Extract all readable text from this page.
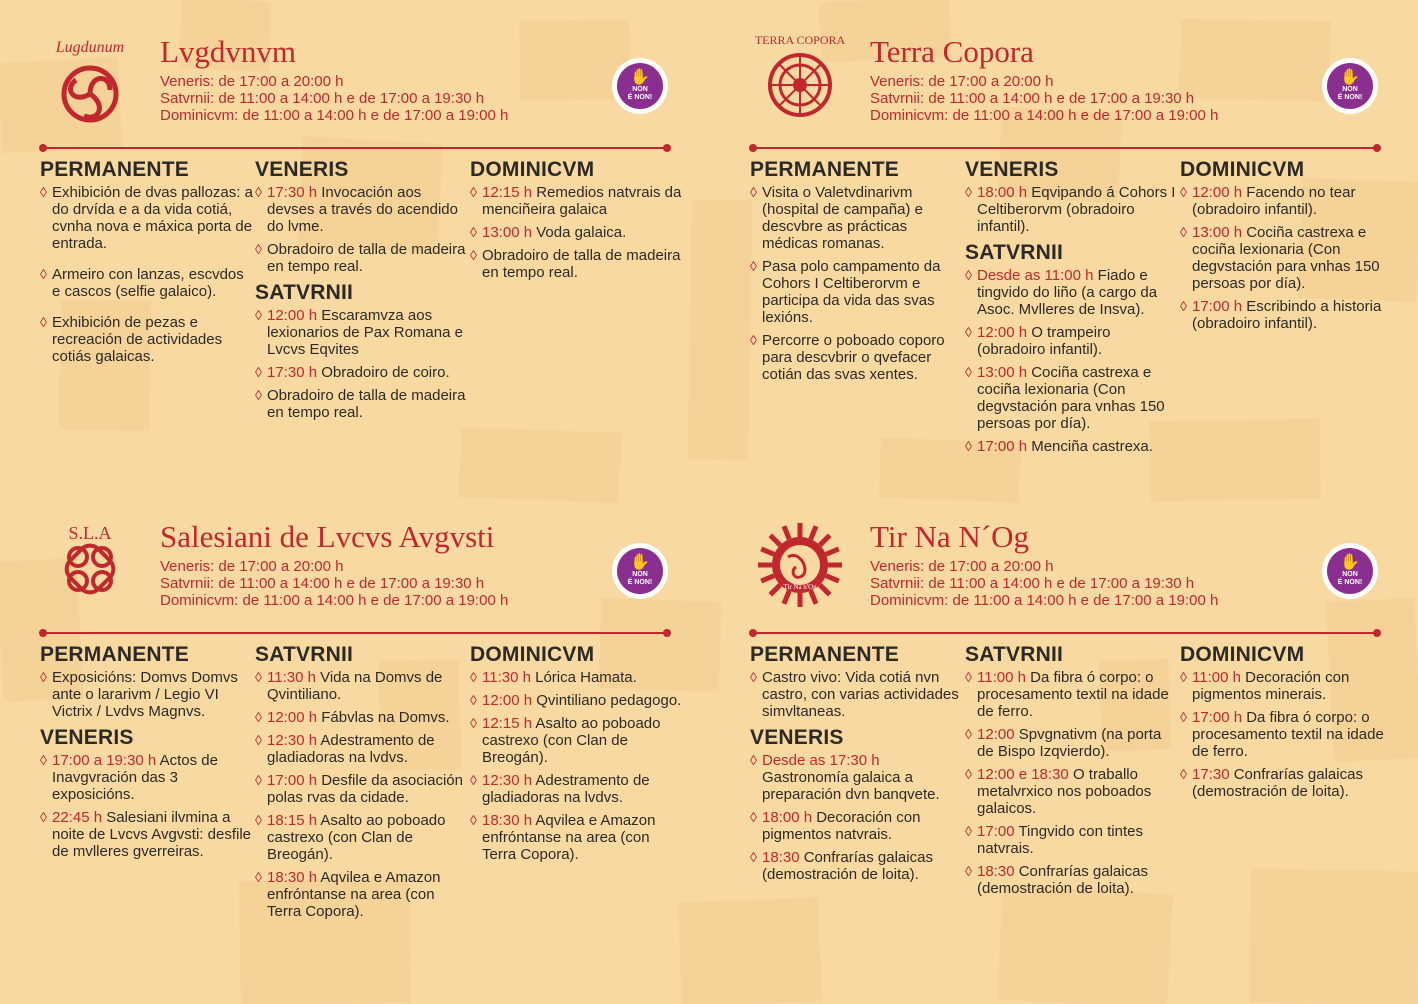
Lugdunum Lvgdvnvm
Veneris: de 17:00 a 20:00 h
Satvrnii: de 11:00 a 14:00 h e de 17:00 a 19:30 h
Dominicvm: de 11:00 a 14:00 h e de 17:00 a 19:00 h
✋
NON
É NON!
PERMANENTE
◊ Exhibición de dvas pallozas: a do drvída e a da vida cotiá, cvnha nova e máxica porta de entrada.
◊ Armeiro con lanzas, escvdos e cascos (selfie galaico).
◊ Exhibición de pezas e recreación de actividades cotiás galaicas.
VENERIS
◊ 17:30 h Invocación aos devses a través do acendido do lvme.
◊ Obradoiro de talla de madeira en tempo real.
SATVRNII
◊ 12:00 h Escaramvza aos lexionarios de Pax Romana e Lvcvs Eqvites
◊ 17:30 h Obradoiro de coiro.
◊ Obradoiro de talla de madeira en tempo real.
DOMINICVM
◊ 12:15 h Remedios natvrais da menciñeira galaica
◊ 13:00 h Voda galaica.
◊ Obradoiro de talla de madeira en tempo real.
TERRA COPORA Terra Copora
Veneris: de 17:00 a 20:00 h
Satvrnii: de 11:00 a 14:00 h e de 17:00 a 19:30 h
Dominicvm: de 11:00 a 14:00 h e de 17:00 a 19:00 h
✋
NON
É NON!
PERMANENTE
◊ Visita o Valetvdinarivm (hospital de campaña) e descvbre as prácticas médicas romanas.
◊ Pasa polo campamento da Cohors I Celtiberorvm e participa da vida das svas lexións.
◊ Percorre o poboado coporo para descvbrir o qvefacer cotián das svas xentes.
VENERIS
◊ 18:00 h Eqvipando á Cohors I Celtiberorvm (obradoiro infantil).
SATVRNII
◊ Desde as 11:00 h Fiado e tingvido do liño (a cargo da Asoc. Mvlleres de Insva).
◊ 12:00 h O trampeiro (obradoiro infantil).
◊ 13:00 h Cociña castrexa e cociña lexionaria (Con degvstación para vnhas 150 persoas por día).
◊ 17:00 h Menciña castrexa.
DOMINICVM
◊ 12:00 h Facendo no tear (obradoiro infantil).
◊ 13:00 h Cociña castrexa e cociña lexionaria (Con degvstación para vnhas 150 persoas por día).
◊ 17:00 h Escribindo a historia (obradoiro infantil).
S.L.A Salesiani de Lvcvs Avgvsti
Veneris: de 17:00 a 20:00 h
Satvrnii: de 11:00 a 14:00 h e de 17:00 a 19:30 h
Dominicvm: de 11:00 a 14:00 h e de 17:00 a 19:00 h
✋
NON
É NON!
PERMANENTE
◊ Exposicións: Domvs Domvs ante o lararivm / Legio VI Victrix / Lvdvs Magnvs.
VENERIS
◊ 17:00 a 19:30 h Actos de Inavgvración das 3 exposicións.
◊ 22:45 h Salesiani ilvmina a noite de Lvcvs Avgvsti: desfile de mvlleres gverreiras.
SATVRNII
◊ 11:30 h Vida na Domvs de Qvintiliano.
◊ 12:00 h Fábvlas na Domvs.
◊ 12:30 h Adestramento de gladiadoras na lvdvs.
◊ 17:00 h Desfile da asociación polas rvas da cidade.
◊ 18:15 h Asalto ao poboado castrexo (con Clan de Breogán).
◊ 18:30 h Aqvilea e Amazon enfróntanse na area (con Terra Copora).
DOMINICVM
◊ 11:30 h Lórica Hamata.
◊ 12:00 h Qvintiliano pedagogo.
◊ 12:15 h Asalto ao poboado castrexo (con Clan de Breogán).
◊ 12:30 h Adestramento de gladiadoras na lvdvs.
◊ 18:30 h Aqvilea e Amazon enfróntanse na area (con Terra Copora).
Tir Na n'Og
Tir Na N´Og
Veneris: de 17:00 a 20:00 h
Satvrnii: de 11:00 a 14:00 h e de 17:00 a 19:30 h
Dominicvm: de 11:00 a 14:00 h e de 17:00 a 19:00 h
✋
NON
É NON!
PERMANENTE
◊ Castro vivo: Vida cotiá nvn castro, con varias actividades simvltaneas.
VENERIS
◊ Desde as 17:30 h Gastronomía galaica a preparación dvn banqvete.
◊ 18:00 h Decoración con pigmentos natvrais.
◊ 18:30 Confrarías galaicas (demostración de loita).
SATVRNII
◊ 11:00 h Da fibra ó corpo: o procesamento textil na idade de ferro.
◊ 12:00 Spvgnativm (na porta de Bispo Izqvierdo).
◊ 12:00 e 18:30 O traballo metalvrxico nos poboados galaicos.
◊ 17:00 Tingvido con tintes natvrais.
◊ 18:30 Confrarías galaicas (demostración de loita).
DOMINICVM
◊ 11:00 h Decoración con pigmentos minerais.
◊ 17:00 h Da fibra ó corpo: o procesamento textil na idade de ferro.
◊ 17:30 Confrarías galaicas (demostración de loita).
